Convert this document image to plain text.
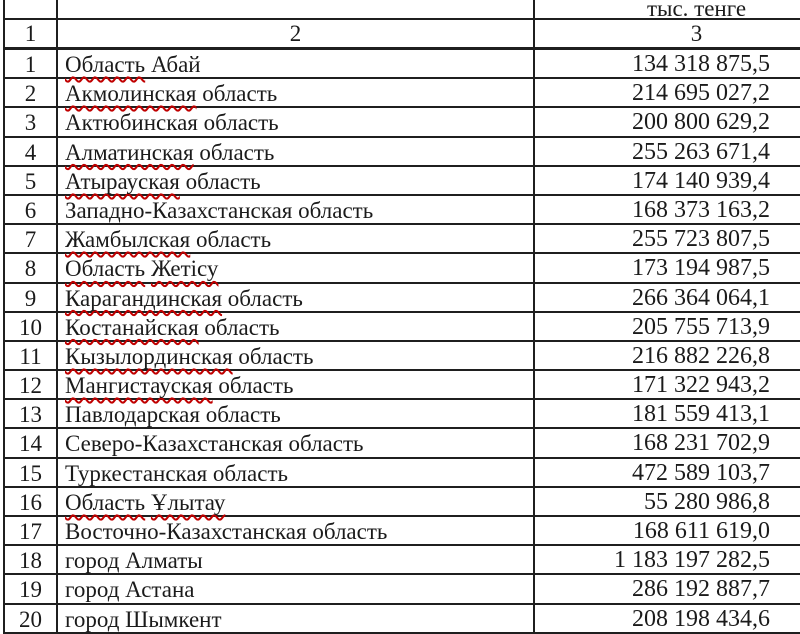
тыс. тенге
1	2	3
1	Область Абай	134 318 875,5
2	Акмолинская область	214 695 027,2
3	Актюбинская область	200 800 629,2
4	Алматинская область	255 263 671,4
5	Атырауская область	174 140 939,4
6	Западно-Казахстанская область	168 373 163,2
7	Жамбылская область	255 723 807,5
8	Область Жетісу	173 194 987,5
9	Карагандинская область	266 364 064,1
10	Костанайская область	205 755 713,9
11	Кызылординская область	216 882 226,8
12	Мангистауская область	171 322 943,2
13	Павлодарская область	181 559 413,1
14	Северо-Казахстанская область	168 231 702,9
15	Туркестанская область	472 589 103,7
16	Область Ұлытау	55 280 986,8
17	Восточно-Казахстанская область	168 611 619,0
18	город Алматы	1 183 197 282,5
19	город Астана	286 192 887,7
20	город Шымкент	208 198 434,6
